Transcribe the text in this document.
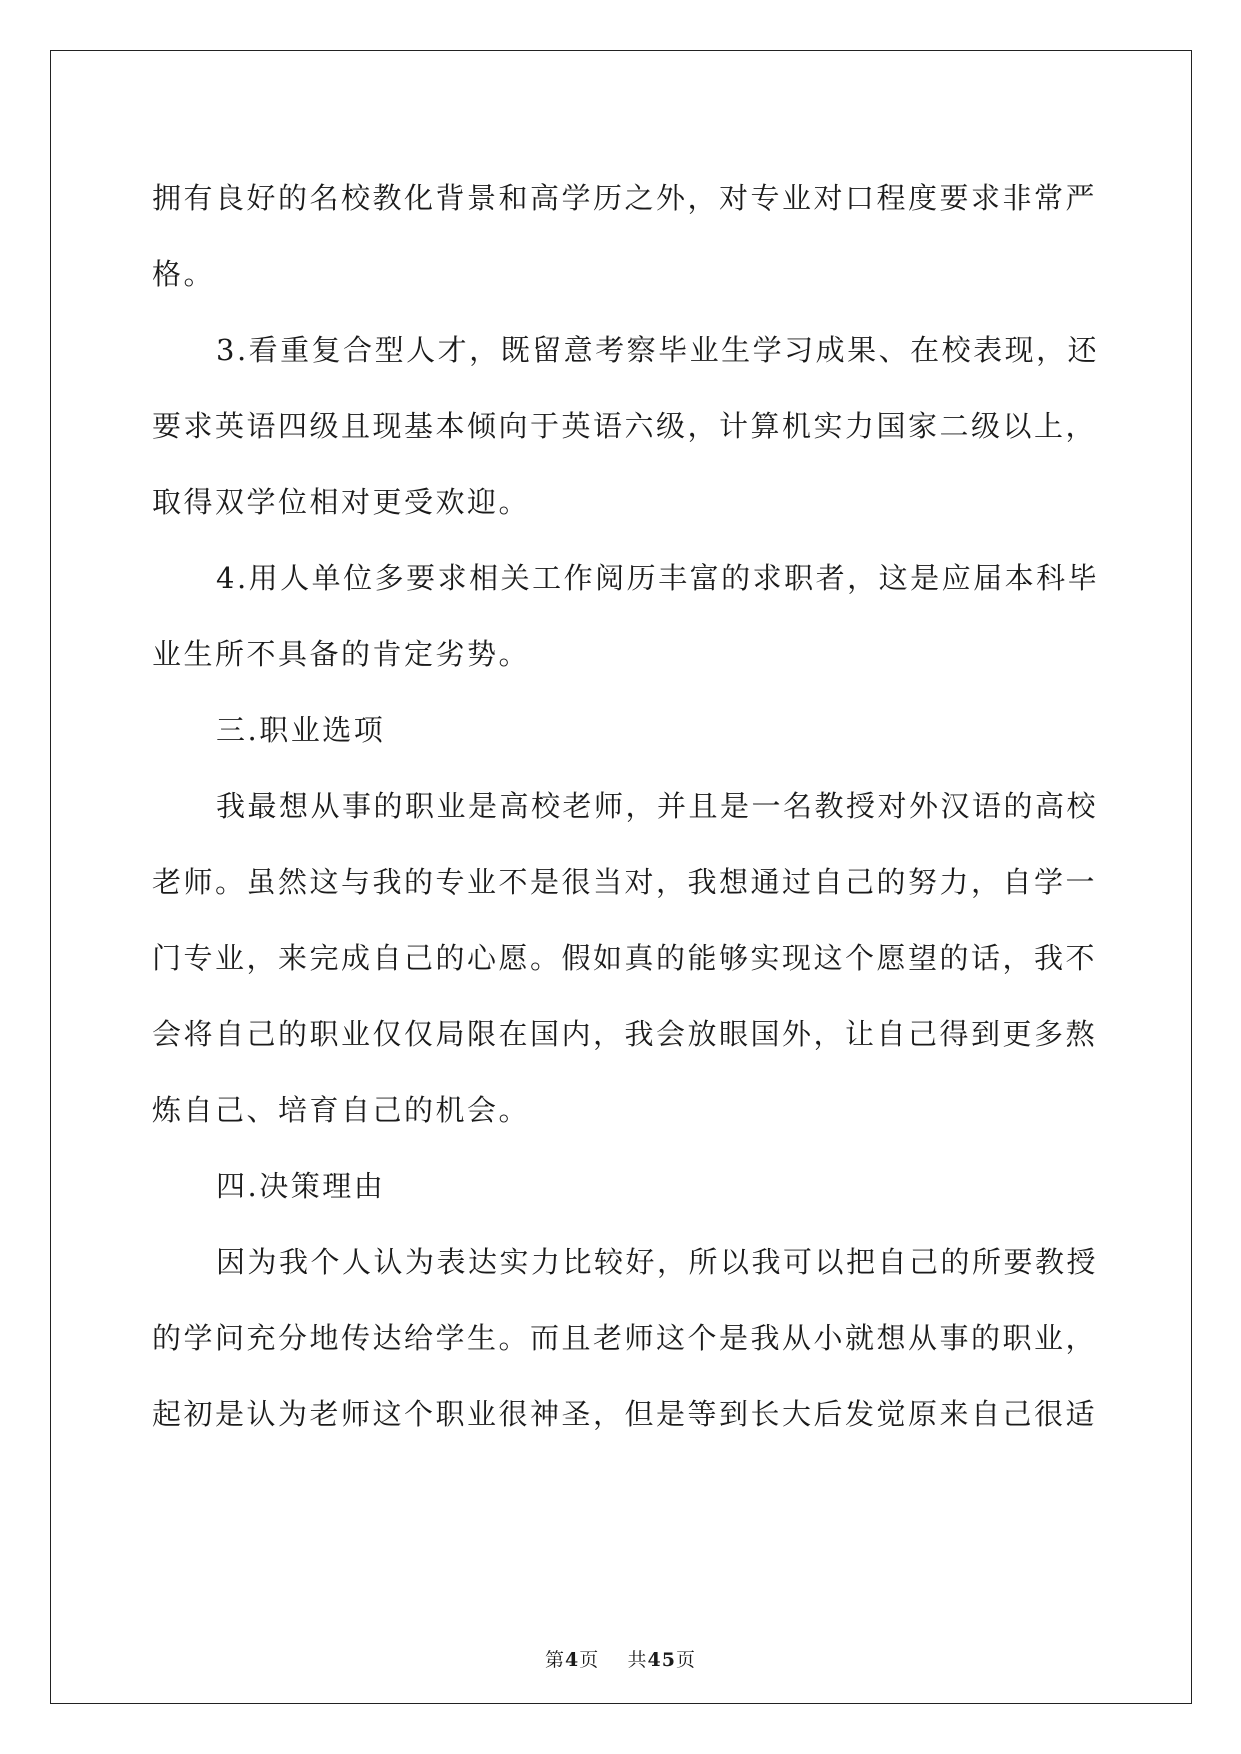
拥有良好的名校教化背景和高学历之外，对专业对口程度要求非常严
格。
3.看重复合型人才，既留意考察毕业生学习成果、在校表现，还
要求英语四级且现基本倾向于英语六级，计算机实力国家二级以上，
取得双学位相对更受欢迎。
4.用人单位多要求相关工作阅历丰富的求职者，这是应届本科毕
业生所不具备的肯定劣势。
三.职业选项
我最想从事的职业是高校老师，并且是一名教授对外汉语的高校
老师。虽然这与我的专业不是很当对，我想通过自己的努力，自学一
门专业，来完成自己的心愿。假如真的能够实现这个愿望的话，我不
会将自己的职业仅仅局限在国内，我会放眼国外，让自己得到更多熬
炼自己、培育自己的机会。
四.决策理由
因为我个人认为表达实力比较好，所以我可以把自己的所要教授
的学问充分地传达给学生。而且老师这个是我从小就想从事的职业，
起初是认为老师这个职业很神圣，但是等到长大后发觉原来自己很适
第4页 共45页
